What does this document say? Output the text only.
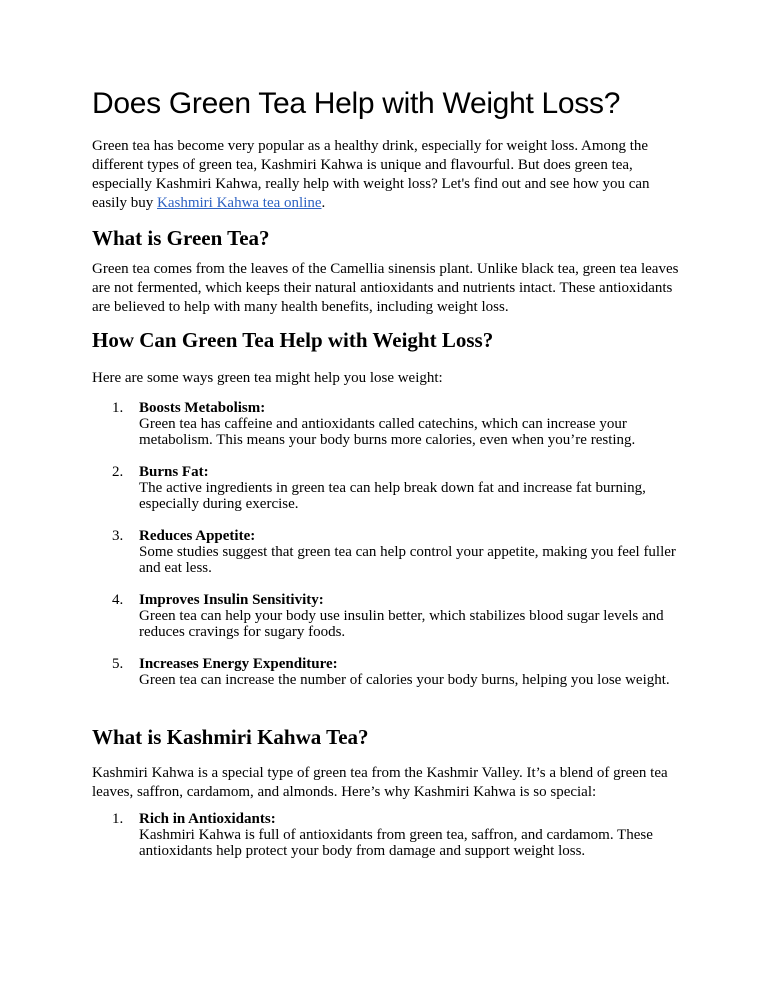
Does Green Tea Help with Weight Loss?

Green tea has become very popular as a healthy drink, especially for weight loss. Among the different types of green tea, Kashmiri Kahwa is unique and flavourful. But does green tea, especially Kashmiri Kahwa, really help with weight loss? Let's find out and see how you can easily buy Kashmiri Kahwa tea online.

What is Green Tea?

Green tea comes from the leaves of the Camellia sinensis plant. Unlike black tea, green tea leaves are not fermented, which keeps their natural antioxidants and nutrients intact. These antioxidants are believed to help with many health benefits, including weight loss.

How Can Green Tea Help with Weight Loss?

Here are some ways green tea might help you lose weight:

1. Boosts Metabolism:
Green tea has caffeine and antioxidants called catechins, which can increase your metabolism. This means your body burns more calories, even when you’re resting.
2. Burns Fat:
The active ingredients in green tea can help break down fat and increase fat burning, especially during exercise.
3. Reduces Appetite:
Some studies suggest that green tea can help control your appetite, making you feel fuller and eat less.
4. Improves Insulin Sensitivity:
Green tea can help your body use insulin better, which stabilizes blood sugar levels and reduces cravings for sugary foods.
5. Increases Energy Expenditure:
Green tea can increase the number of calories your body burns, helping you lose weight.
What is Kashmiri Kahwa Tea?

Kashmiri Kahwa is a special type of green tea from the Kashmir Valley. It’s a blend of green tea leaves, saffron, cardamom, and almonds. Here’s why Kashmiri Kahwa is so special:

1. Rich in Antioxidants:
Kashmiri Kahwa is full of antioxidants from green tea, saffron, and cardamom. These antioxidants help protect your body from damage and support weight loss.
